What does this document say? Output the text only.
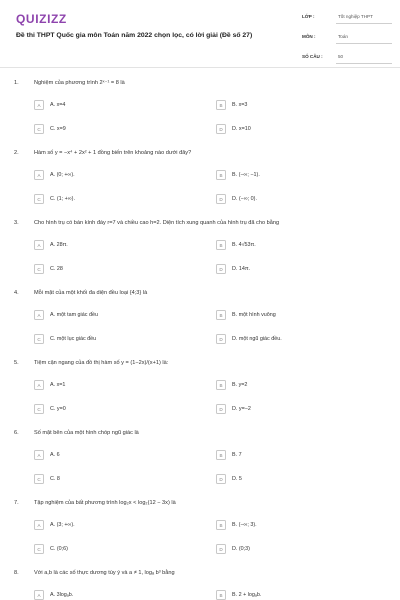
QUIZIZZ
Đề thi THPT Quốc gia môn Toán năm 2022 chọn lọc, có lời giải (Đề số 27)
LỚP :	Tốt nghiệp THPT
MÔN :	Toán
SỐ CÂU :	50
1.	Nghiệm của phương trình 2ˣ⁻¹ = 8 là
A	A. x=4	B	B. x=3
C	C. x=9	D	D. x=10
2.	Hàm số y = −x⁴ + 2x² + 1 đồng biến trên khoảng nào dưới đây?
A	A. (0; +∞).	B	B. (−∞; −1).
C	C. (1; +∞).	D	D. (−∞; 0).
3.	Cho hình trụ có bán kính đáy r=7 và chiều cao h=2. Diện tích xung quanh của hình trụ đã cho bằng
A	A. 28π.	B	B. 4√53π.
C	C. 28	D	D. 14π.
4.	Mỗi mặt của một khối đa diện đều loại {4;3} là
A	A. một tam giác đều	B	B. một hình vuông
C	C. một lục giác đều	D	D. một ngũ giác đều.
5.	Tiệm cận ngang của đồ thị hàm số y = (1−2x)/(x+1) là:
A	A. x=1	B	B. y=2
C	C. y=0	D	D. y=−2
6.	Số mặt bên của một hình chóp ngũ giác là
A	A. 6	B	B. 7
C	C. 8	D	D. 5
7.	Tập nghiệm của bất phương trình log₂x < log₂(12 − 3x) là
A	A. (3; +∞).	B	B. (−∞; 3).
C	C. (0;6)	D	D. (0;3)
8.	Với a,b là các số thực dương tùy ý và a ≠ 1, logₐ b³ bằng
A	A. 3logₐb.	B	B. 2 + logₐb.
